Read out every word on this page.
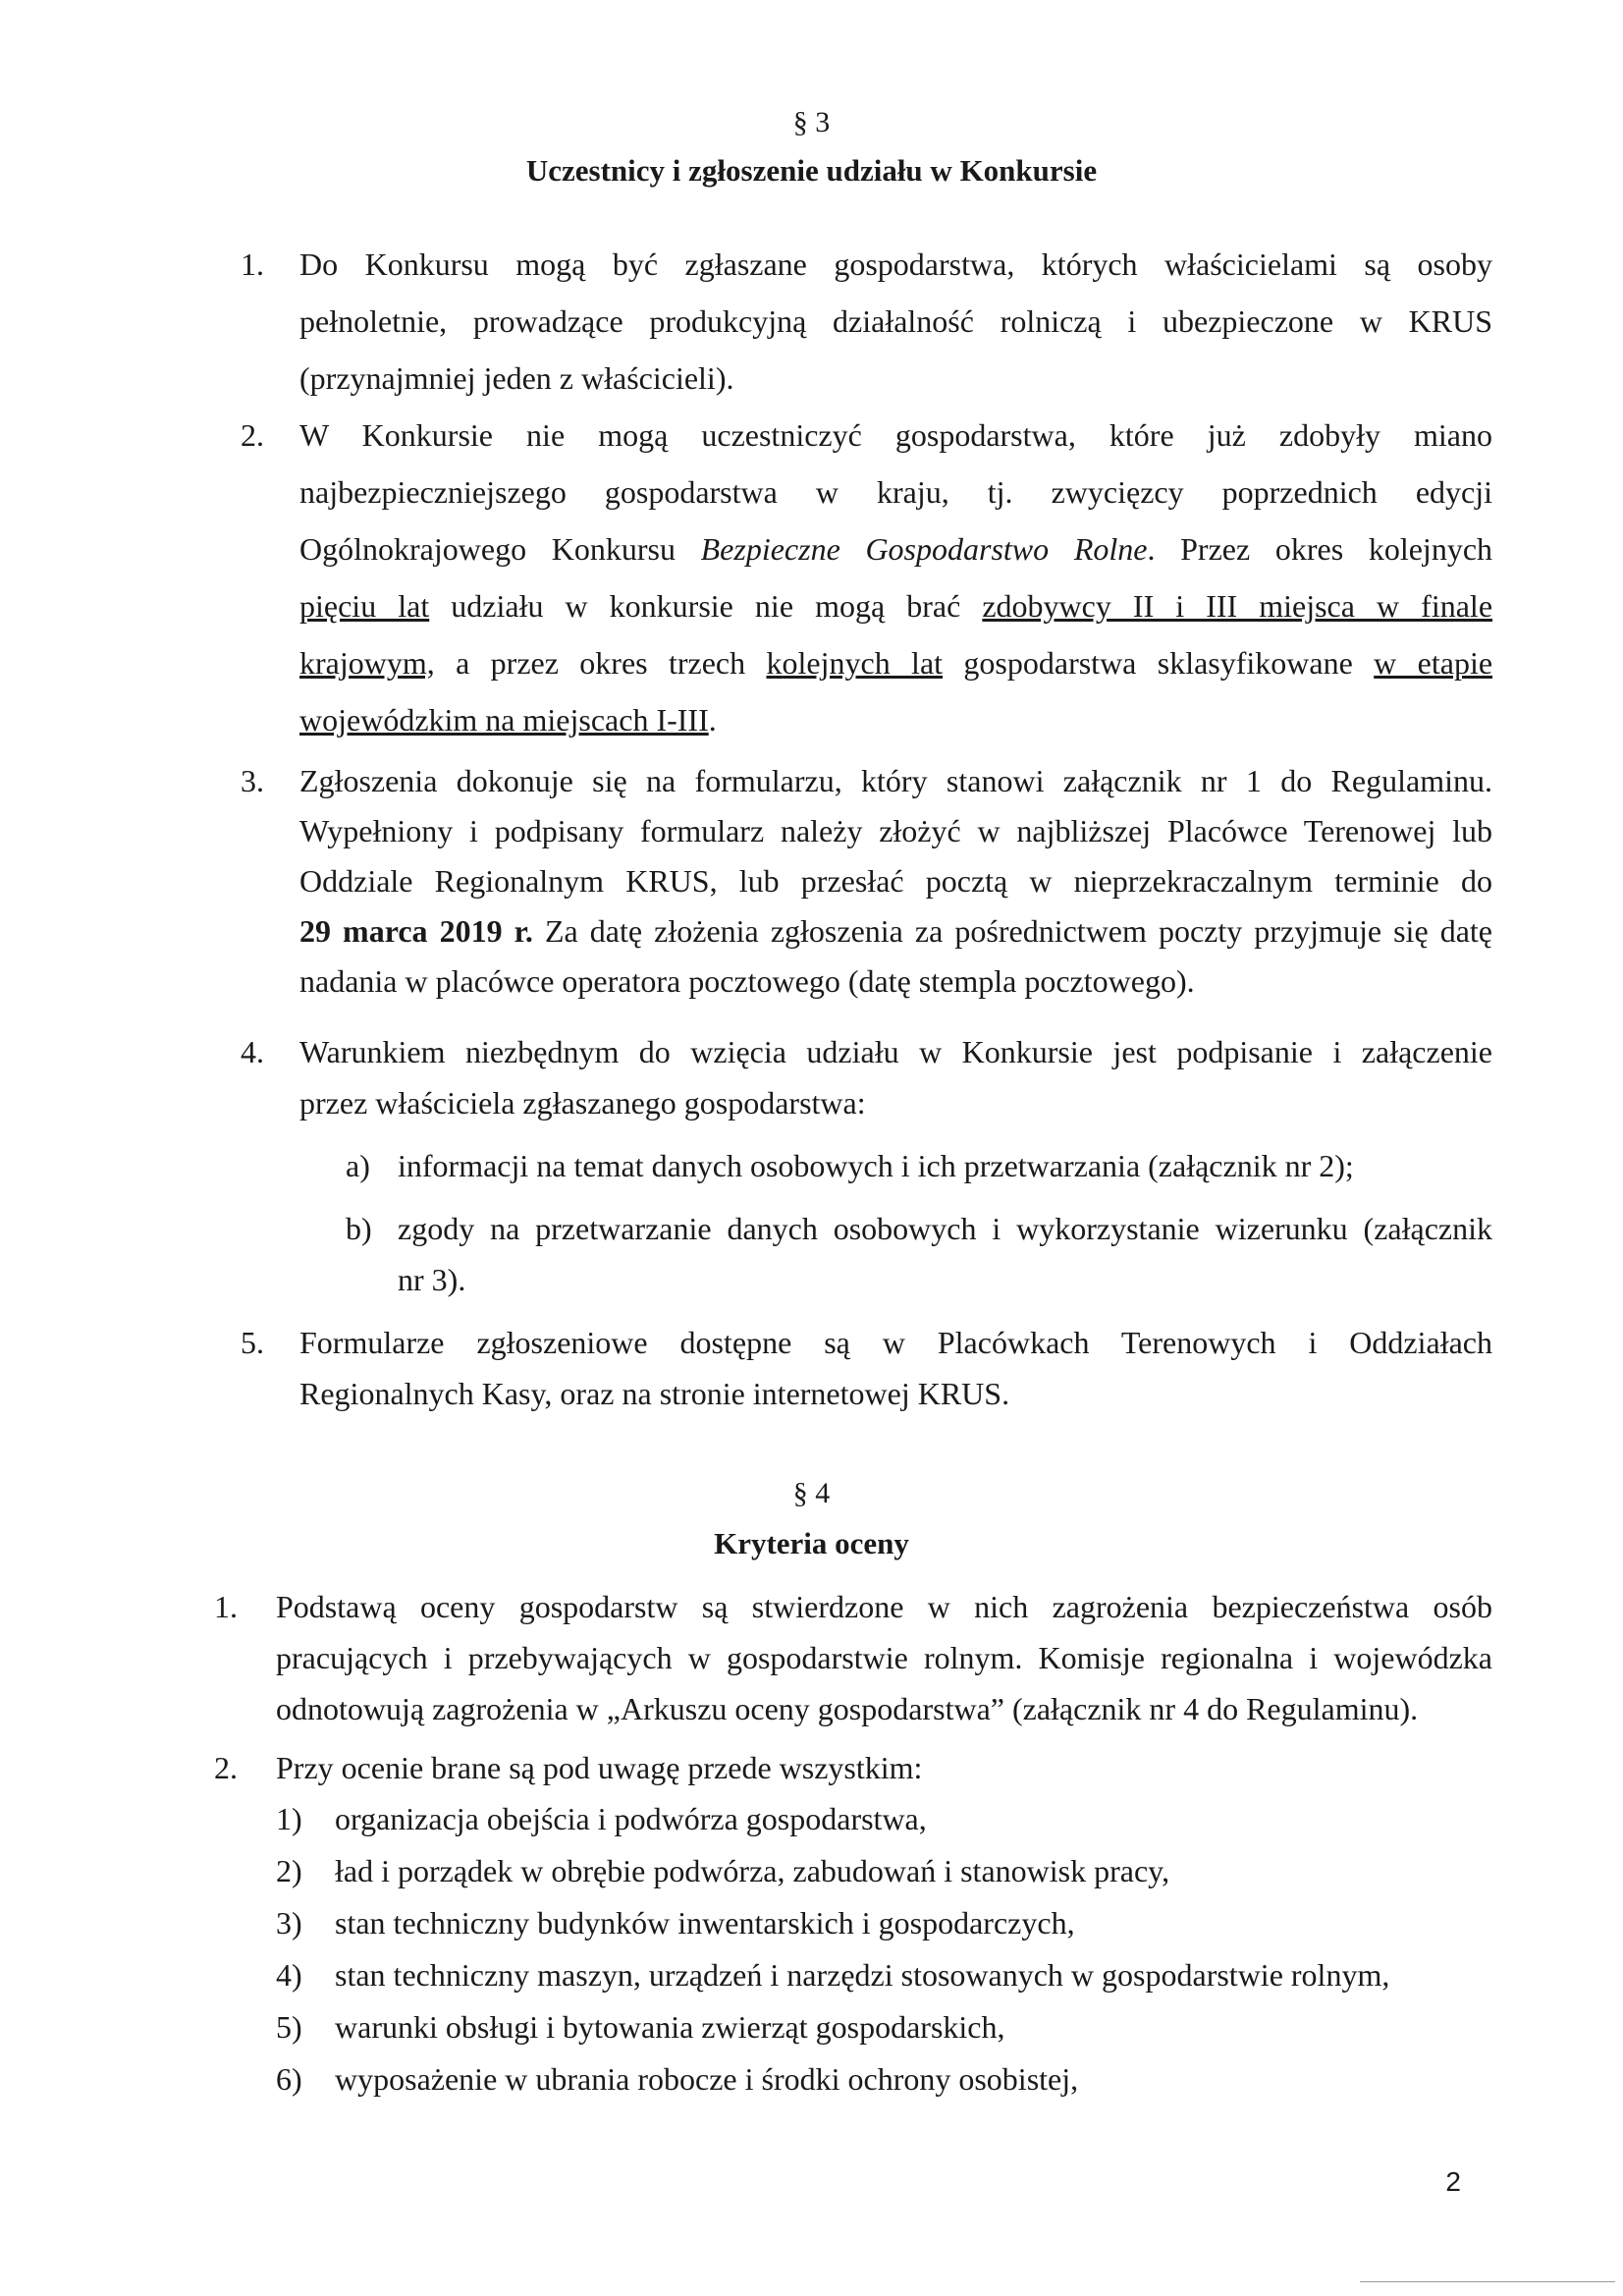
§ 3
Uczestnicy i zgłoszenie udziału w Konkursie
1. Do Konkursu mogą być zgłaszane gospodarstwa, których właścicielami są osoby
pełnoletnie, prowadzące produkcyjną działalność rolniczą i ubezpieczone w KRUS
(przynajmniej jeden z właścicieli).
2. W Konkursie nie mogą uczestniczyć gospodarstwa, które już zdobyły miano
najbezpieczniejszego gospodarstwa w kraju, tj. zwycięzcy poprzednich edycji
Ogólnokrajowego Konkursu Bezpieczne Gospodarstwo Rolne. Przez okres kolejnych
pięciu lat udziału w konkursie nie mogą brać zdobywcy II i III miejsca w finale
krajowym, a przez okres trzech kolejnych lat gospodarstwa sklasyfikowane w etapie
wojewódzkim na miejscach I-III.
3. Zgłoszenia dokonuje się na formularzu, który stanowi załącznik nr 1 do Regulaminu.
Wypełniony i podpisany formularz należy złożyć w najbliższej Placówce Terenowej lub
Oddziale Regionalnym KRUS, lub przesłać pocztą w nieprzekraczalnym terminie do
29 marca 2019 r. Za datę złożenia zgłoszenia za pośrednictwem poczty przyjmuje się datę
nadania w placówce operatora pocztowego (datę stempla pocztowego).
4. Warunkiem niezbędnym do wzięcia udziału w Konkursie jest podpisanie i załączenie
przez właściciela zgłaszanego gospodarstwa:
a) informacji na temat danych osobowych i ich przetwarzania (załącznik nr 2);
b) zgody na przetwarzanie danych osobowych i wykorzystanie wizerunku (załącznik
nr 3).
5. Formularze zgłoszeniowe dostępne są w Placówkach Terenowych i Oddziałach
Regionalnych Kasy, oraz na stronie internetowej KRUS.
§ 4
Kryteria oceny
1. Podstawą oceny gospodarstw są stwierdzone w nich zagrożenia bezpieczeństwa osób
pracujących i przebywających w gospodarstwie rolnym. Komisje regionalna i wojewódzka
odnotowują zagrożenia w „Arkuszu oceny gospodarstwa” (załącznik nr 4 do Regulaminu).
2. Przy ocenie brane są pod uwagę przede wszystkim:
1) organizacja obejścia i podwórza gospodarstwa,
2) ład i porządek w obrębie podwórza, zabudowań i stanowisk pracy,
3) stan techniczny budynków inwentarskich i gospodarczych,
4) stan techniczny maszyn, urządzeń i narzędzi stosowanych w gospodarstwie rolnym,
5) warunki obsługi i bytowania zwierząt gospodarskich,
6) wyposażenie w ubrania robocze i środki ochrony osobistej,
2
